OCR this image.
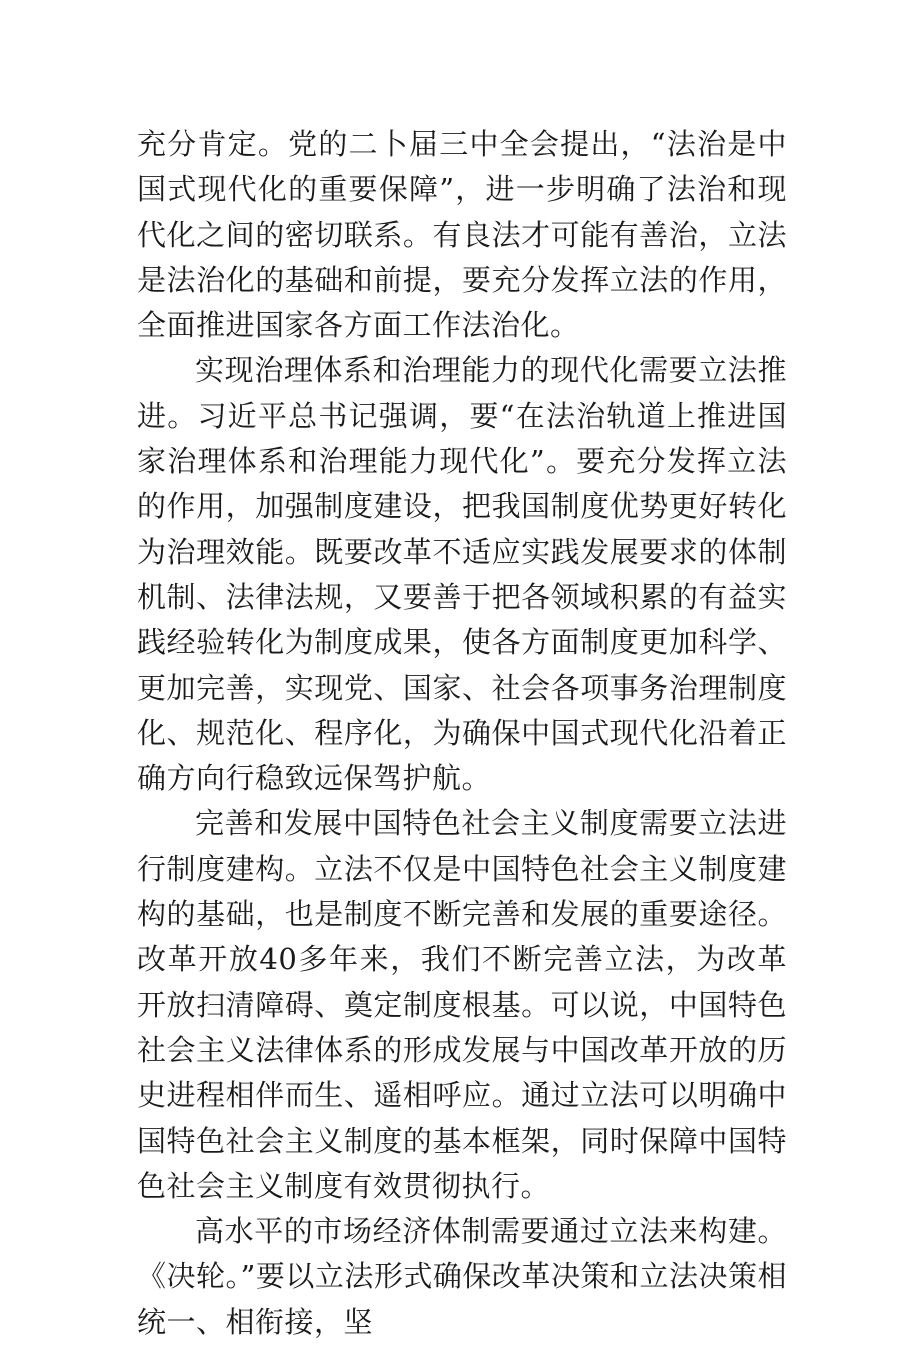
充分肯定。党的二卜届三中全会提出，“法治是中国式现代化的重要保障”，进一步明确了法治和现代化之间的密切联系。有良法才可能有善治，立法是法治化的基础和前提，要充分发挥立法的作用，全面推进国家各方面工作法治化。

实现治理体系和治理能力的现代化需要立法推进。习近平总书记强调，要“在法治轨道上推进国家治理体系和治理能力现代化”。要充分发挥立法的作用，加强制度建设，把我国制度优势更好转化为治理效能。既要改革不适应实践发展要求的体制机制、法律法规，又要善于把各领域积累的有益实践经验转化为制度成果，使各方面制度更加科学、更加完善，实现党、国家、社会各项事务治理制度化、规范化、程序化，为确保中国式现代化沿着正确方向行稳致远保驾护航。

完善和发展中国特色社会主义制度需要立法进行制度建构。立法不仅是中国特色社会主义制度建构的基础，也是制度不断完善和发展的重要途径。改革开放40多年来，我们不断完善立法，为改革开放扫清障碍、奠定制度根基。可以说，中国特色社会主义法律体系的形成发展与中国改革开放的历史进程相伴而生、遥相呼应。通过立法可以明确中国特色社会主义制度的基本框架，同时保障中国特色社会主义制度有效贯彻执行。

高水平的市场经济体制需要通过立法来构建。《决轮。”要以立法形式确保改革决策和立法决策相统一、相衔接，坚
